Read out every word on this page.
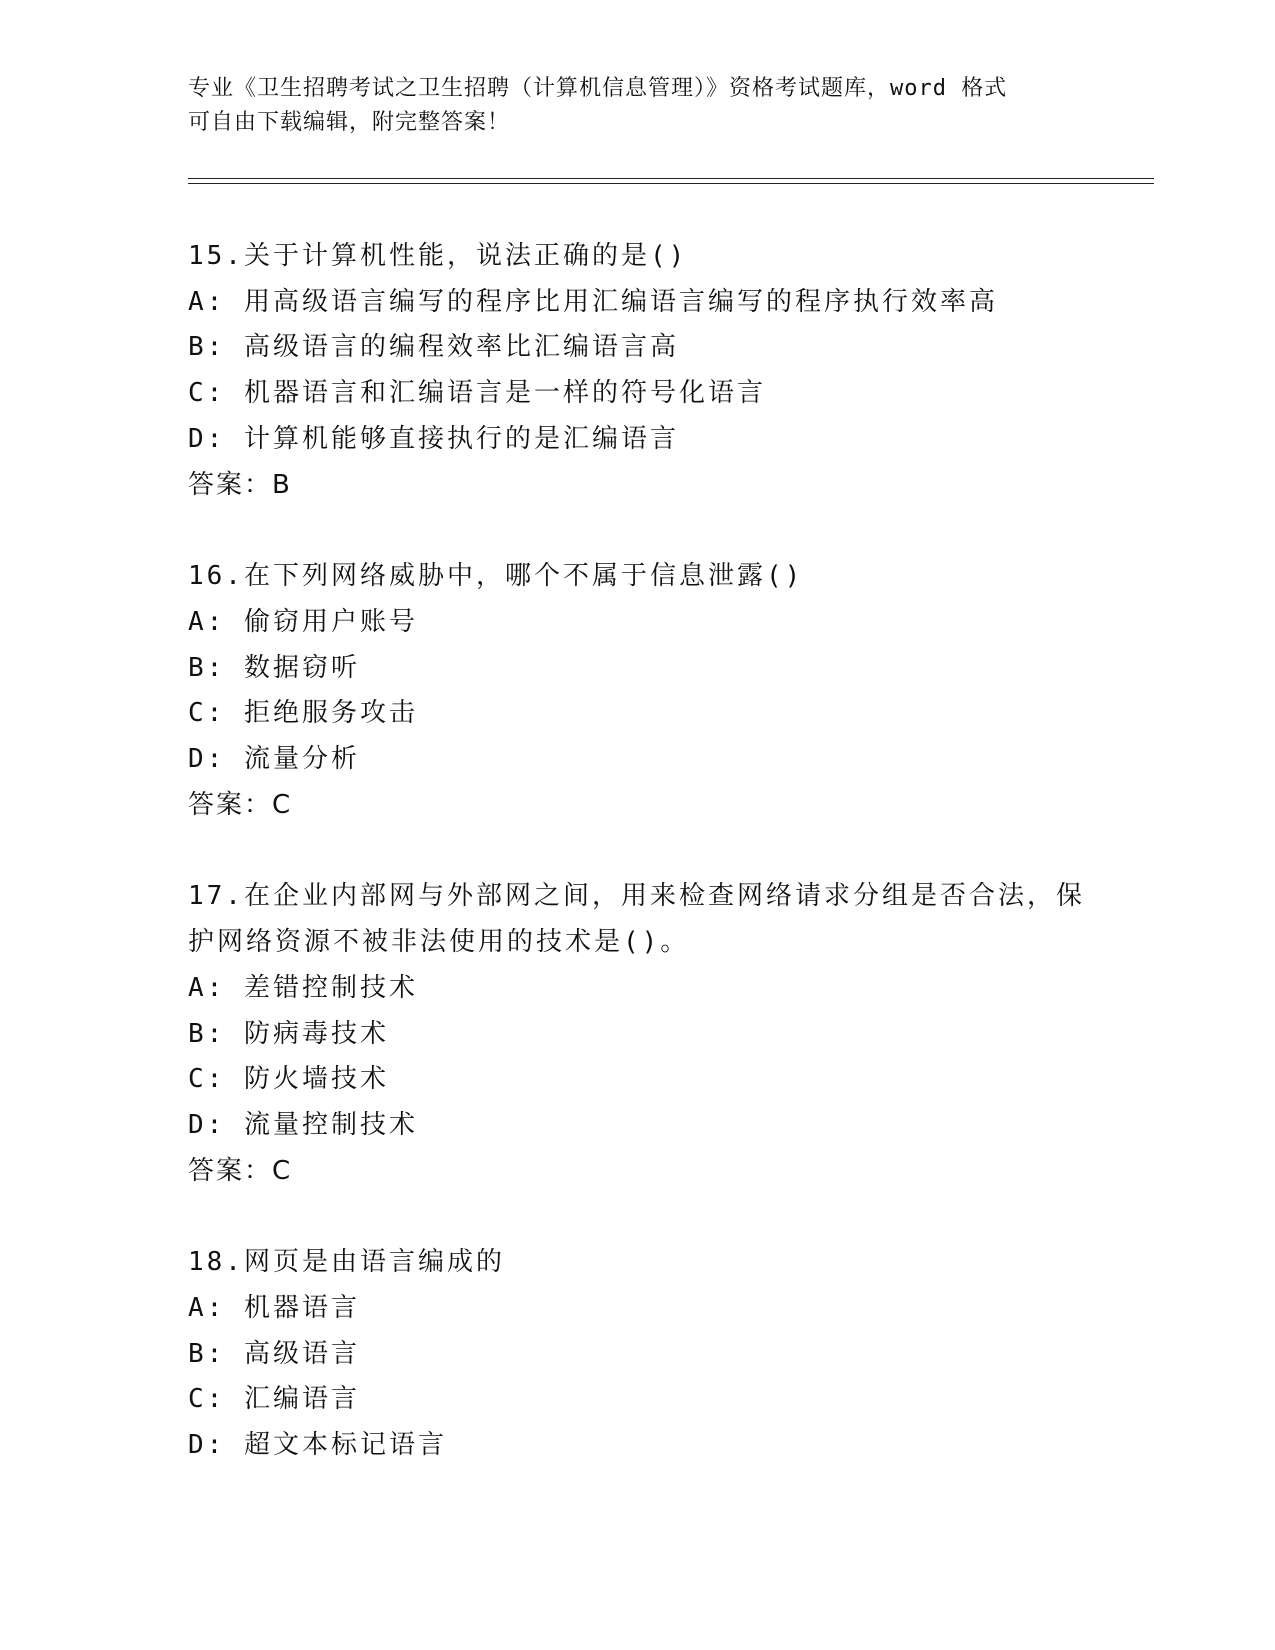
专业《卫生招聘考试之卫生招聘（计算机信息管理）》资格考试题库，word 格式
可自由下载编辑，附完整答案！
15.关于计算机性能，说法正确的是()
A: 用高级语言编写的程序比用汇编语言编写的程序执行效率高
B: 高级语言的编程效率比汇编语言高
C: 机器语言和汇编语言是一样的符号化语言
D: 计算机能够直接执行的是汇编语言
答案：B
16.在下列网络威胁中，哪个不属于信息泄露()
A: 偷窃用户账号
B: 数据窃听
C: 拒绝服务攻击
D: 流量分析
答案：C
17.在企业内部网与外部网之间，用来检查网络请求分组是否合法，保
护网络资源不被非法使用的技术是()。
A: 差错控制技术
B: 防病毒技术
C: 防火墙技术
D: 流量控制技术
答案：C
18.网页是由语言编成的
A: 机器语言
B: 高级语言
C: 汇编语言
D: 超文本标记语言
